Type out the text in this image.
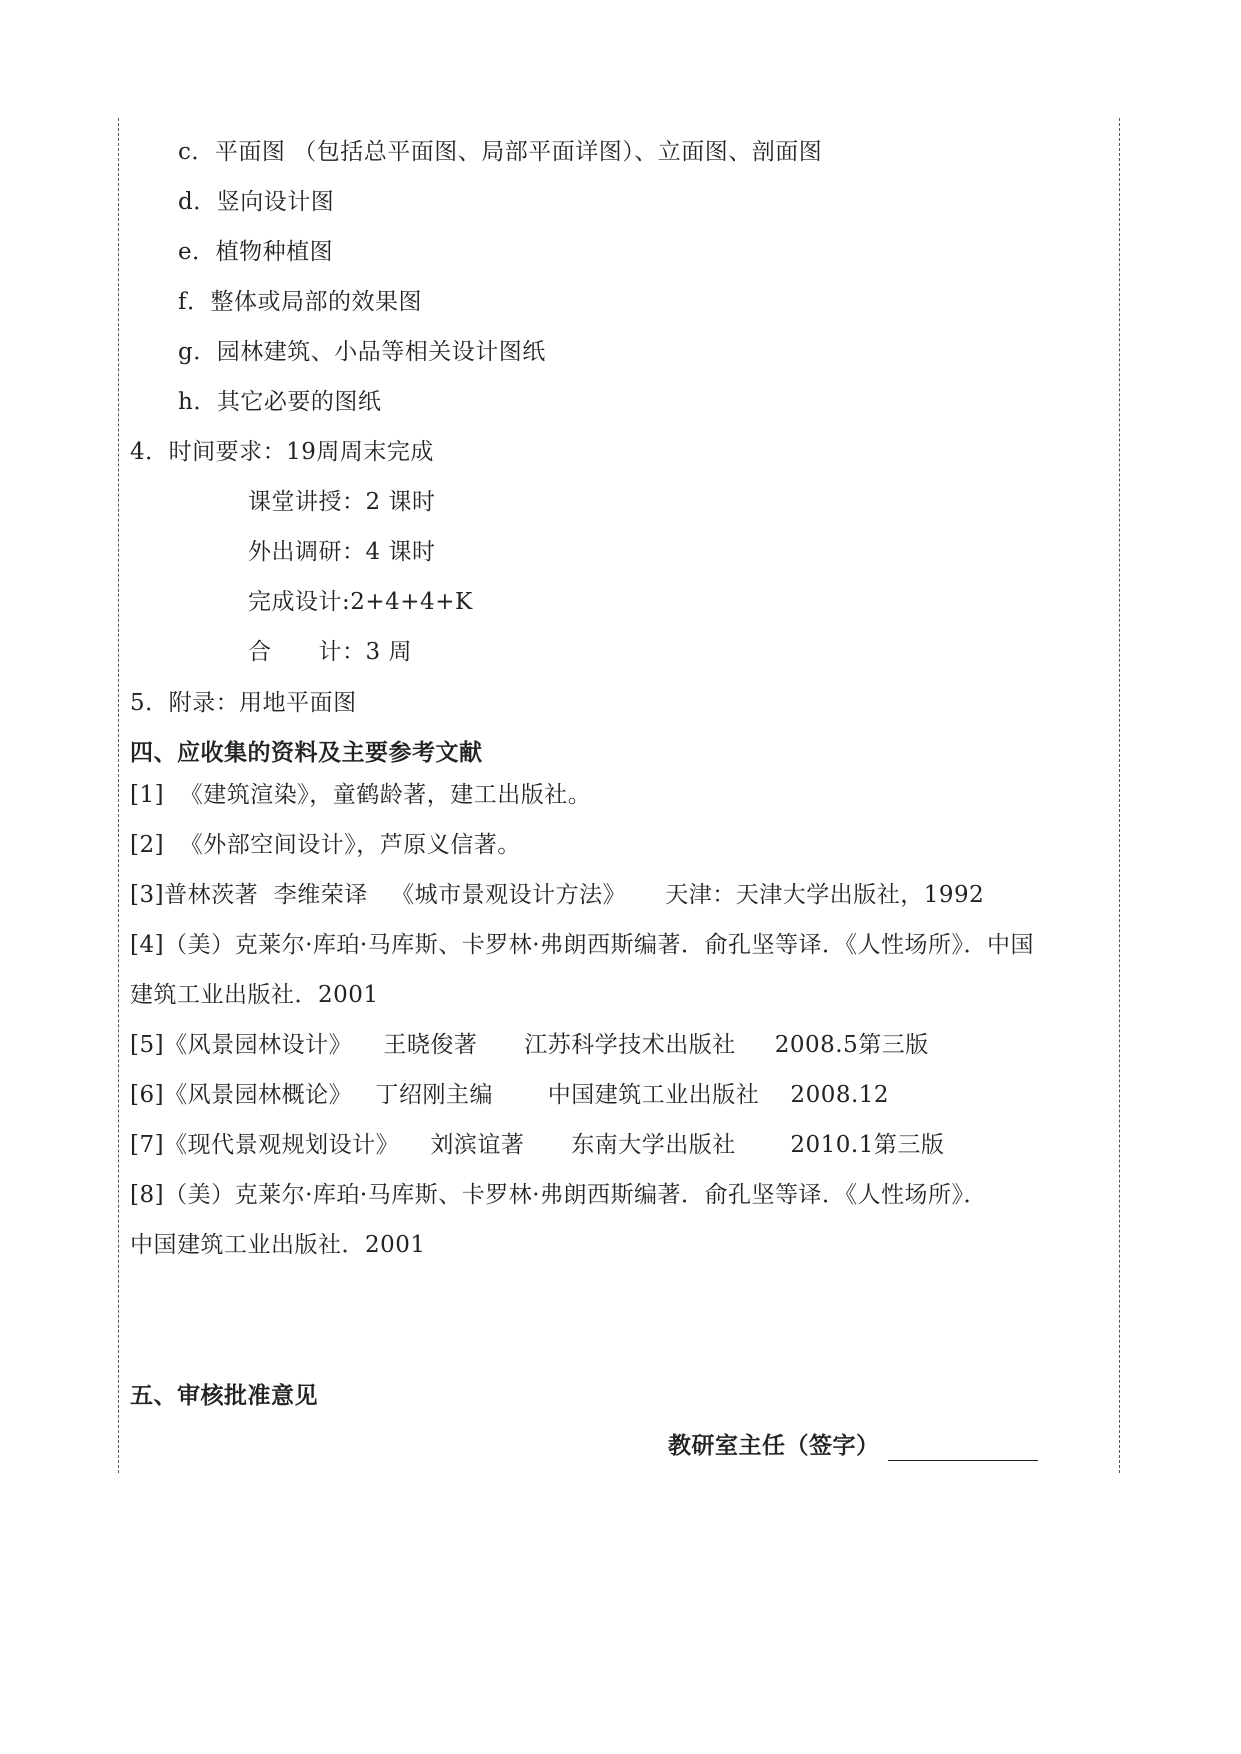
c．平面图 （包括总平面图、局部平面详图）、立面图、剖面图
d．竖向设计图
e．植物种植图
f．整体或局部的效果图
g．园林建筑、小品等相关设计图纸
h．其它必要的图纸
4．时间要求：19周周末完成
课堂讲授：2 课时
外出调研：4 课时
完成设计:2+4+4+K
合　　计：3 周
5．附录：用地平面图
四、应收集的资料及主要参考文献
[1]  《建筑渲染》，童鹤龄著，建工出版社。
[2]  《外部空间设计》，芦原义信著。
[3]普林茨著  李维荣译   《城市景观设计方法》     天津：天津大学出版社，1992
[4]（美）克莱尔·库珀·马库斯、卡罗林·弗朗西斯编著．俞孔坚等译．《人性场所》．中国
建筑工业出版社．2001
[5]《风景园林设计》    王晓俊著      江苏科学技术出版社     2008.5第三版
[6]《风景园林概论》   丁绍刚主编       中国建筑工业出版社    2008.12
[7]《现代景观规划设计》    刘滨谊著      东南大学出版社       2010.1第三版
[8]（美）克莱尔·库珀·马库斯、卡罗林·弗朗西斯编著．俞孔坚等译．《人性场所》．
中国建筑工业出版社．2001
五、审核批准意见
教研室主任（签字）
